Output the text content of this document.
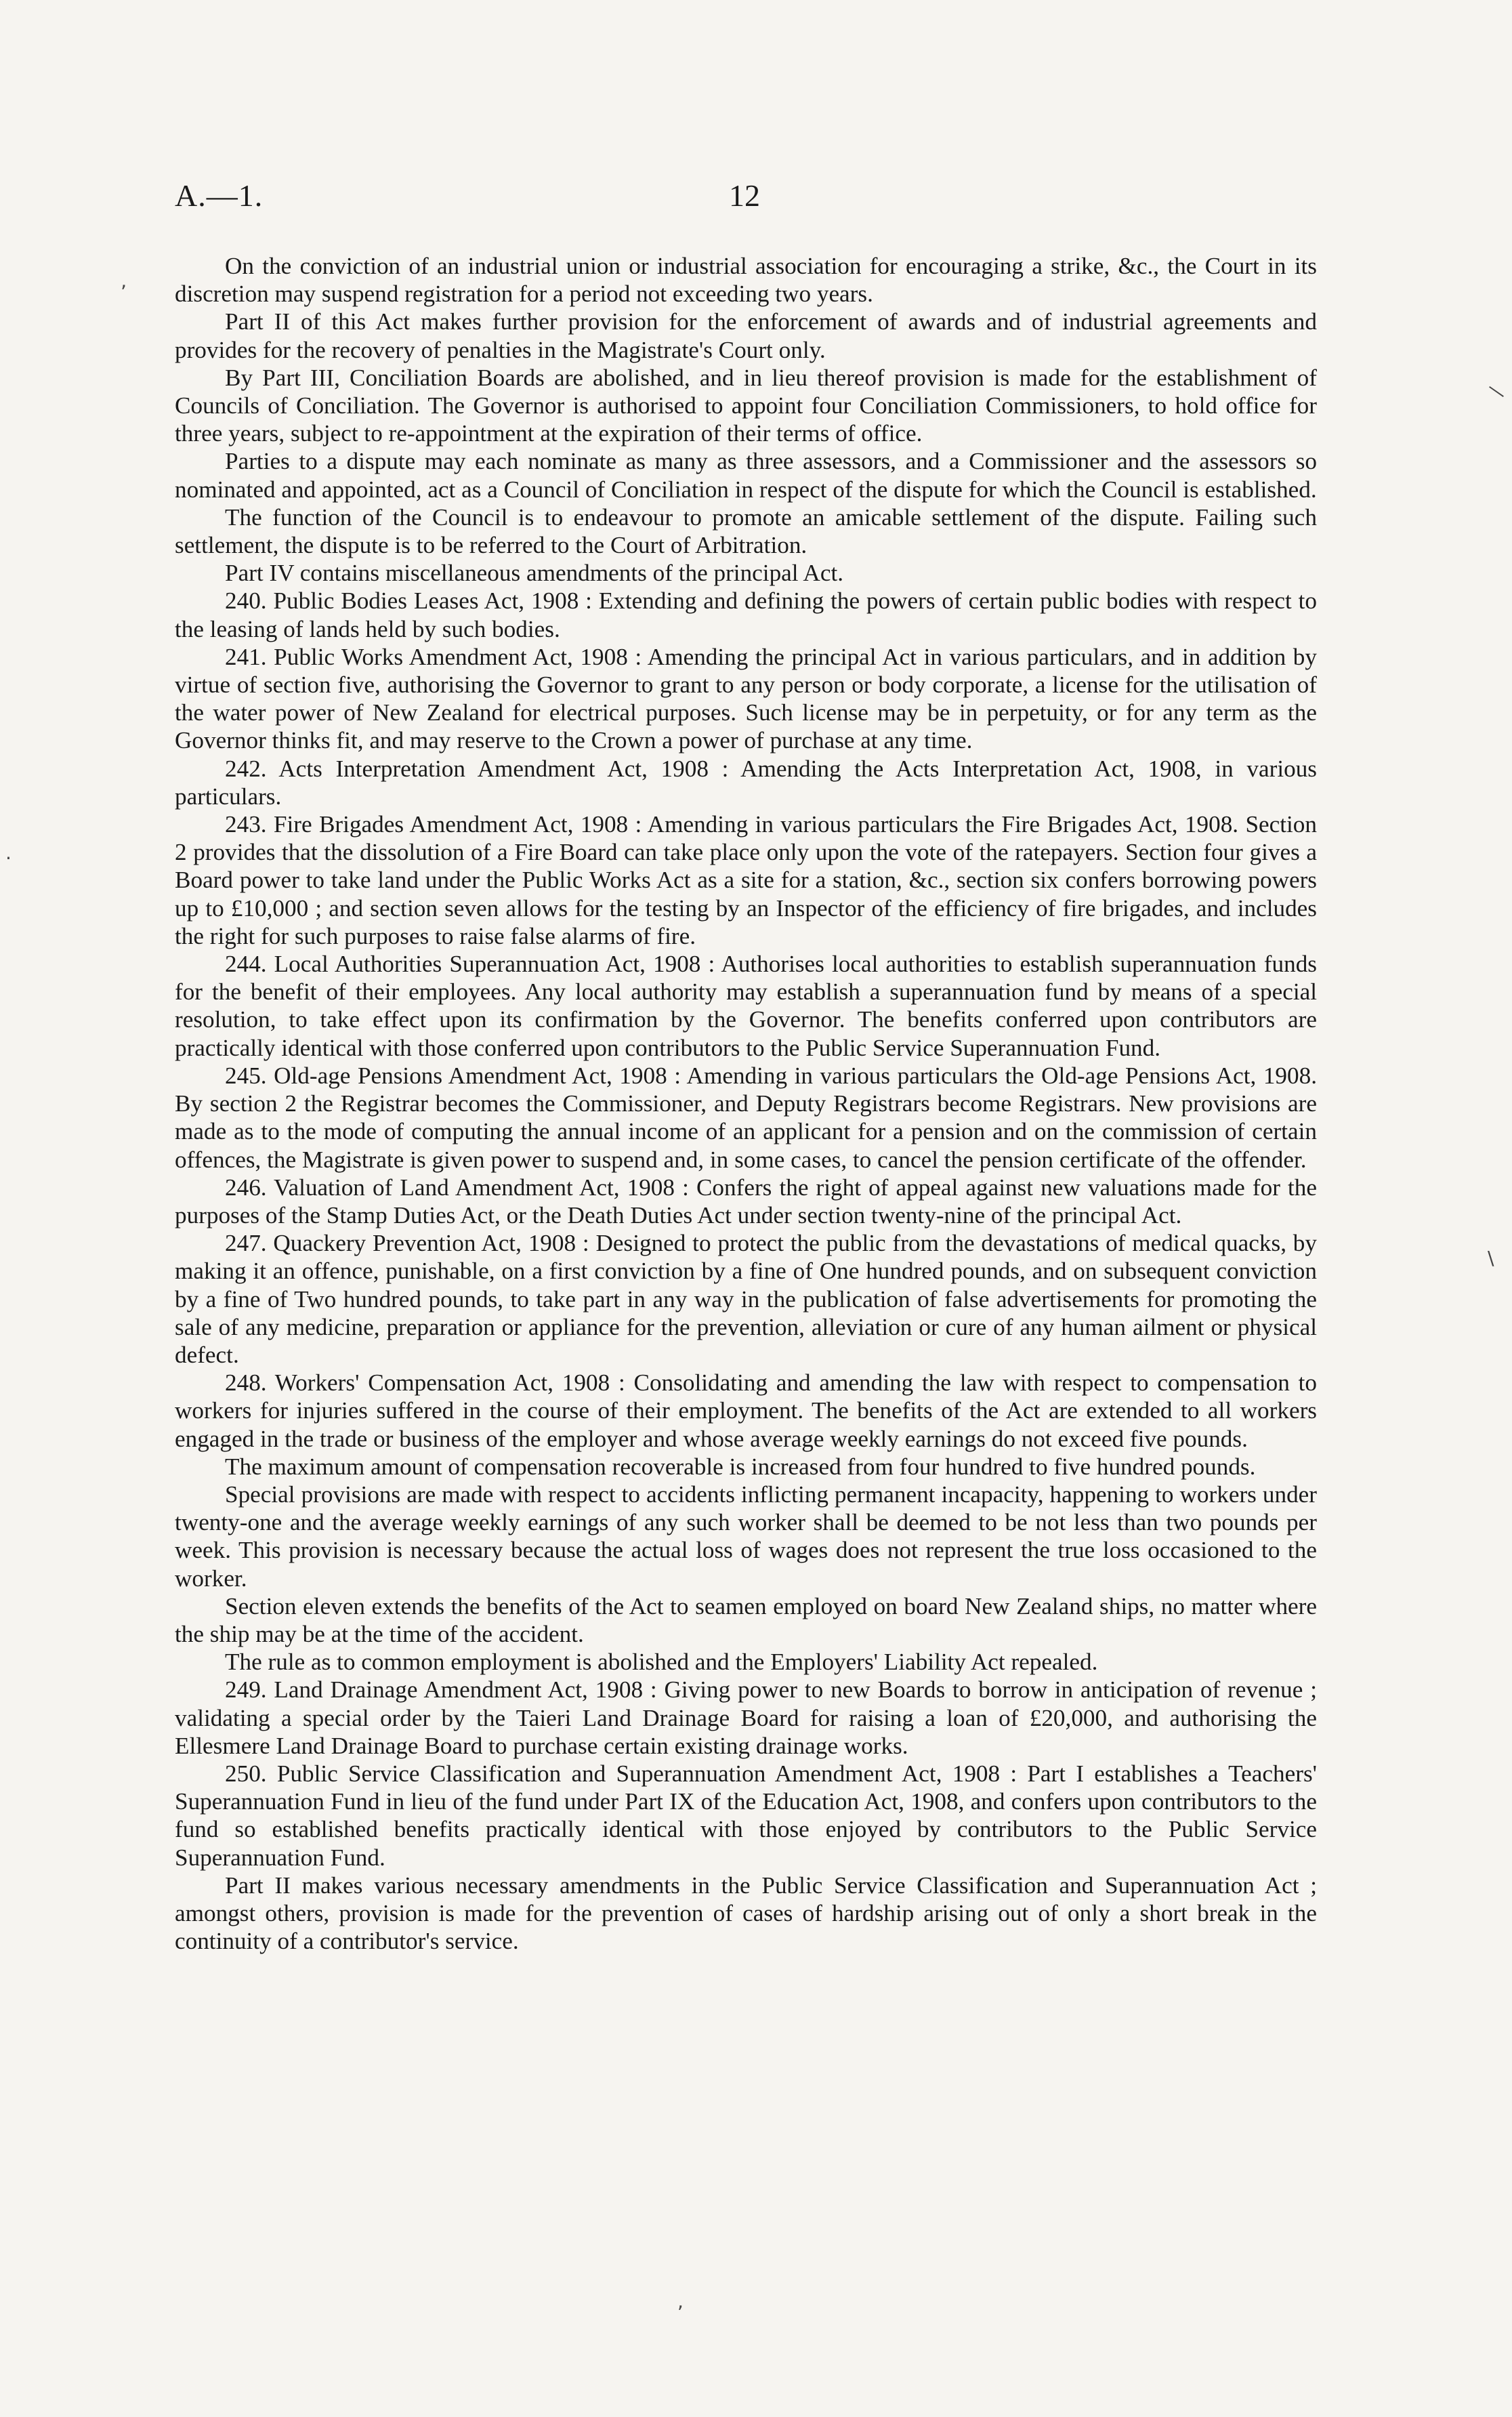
A.—1.	12

On the conviction of an industrial union or industrial association for encouraging a strike, &c., the Court in its discretion may suspend registration for a period not exceeding two years.

Part II of this Act makes further provision for the enforcement of awards and of industrial agreements and provides for the recovery of penalties in the Magistrate's Court only.

By Part III, Conciliation Boards are abolished, and in lieu thereof provision is made for the establishment of Councils of Conciliation. The Governor is authorised to appoint four Conciliation Commissioners, to hold office for three years, subject to re-appointment at the expiration of their terms of office.

Parties to a dispute may each nominate as many as three assessors, and a Commissioner and the assessors so nominated and appointed, act as a Council of Conciliation in respect of the dispute for which the Council is established.

The function of the Council is to endeavour to promote an amicable settlement of the dispute. Failing such settlement, the dispute is to be referred to the Court of Arbitration.

Part IV contains miscellaneous amendments of the principal Act.

240. Public Bodies Leases Act, 1908 : Extending and defining the powers of certain public bodies with respect to the leasing of lands held by such bodies.

241. Public Works Amendment Act, 1908 : Amending the principal Act in various particulars, and in addition by virtue of section five, authorising the Governor to grant to any person or body corporate, a license for the utilisation of the water power of New Zealand for electrical purposes. Such license may be in perpetuity, or for any term as the Governor thinks fit, and may reserve to the Crown a power of purchase at any time.

242. Acts Interpretation Amendment Act, 1908 : Amending the Acts Interpretation Act, 1908, in various particulars.

243. Fire Brigades Amendment Act, 1908 : Amending in various particulars the Fire Brigades Act, 1908. Section 2 provides that the dissolution of a Fire Board can take place only upon the vote of the ratepayers. Section four gives a Board power to take land under the Public Works Act as a site for a station, &c., section six confers borrowing powers up to £10,000 ; and section seven allows for the testing by an Inspector of the efficiency of fire brigades, and includes the right for such purposes to raise false alarms of fire.

244. Local Authorities Superannuation Act, 1908 : Authorises local authorities to establish superannuation funds for the benefit of their employees. Any local authority may establish a superannuation fund by means of a special resolution, to take effect upon its confirmation by the Governor. The benefits conferred upon contributors are practically identical with those conferred upon contributors to the Public Service Superannuation Fund.

245. Old-age Pensions Amendment Act, 1908 : Amending in various particulars the Old-age Pensions Act, 1908. By section 2 the Registrar becomes the Commissioner, and Deputy Registrars become Registrars. New provisions are made as to the mode of computing the annual income of an applicant for a pension and on the commission of certain offences, the Magistrate is given power to suspend and, in some cases, to cancel the pension certificate of the offender.

246. Valuation of Land Amendment Act, 1908 : Confers the right of appeal against new valuations made for the purposes of the Stamp Duties Act, or the Death Duties Act under section twenty-nine of the principal Act.

247. Quackery Prevention Act, 1908 : Designed to protect the public from the devastations of medical quacks, by making it an offence, punishable, on a first conviction by a fine of One hundred pounds, and on subsequent conviction by a fine of Two hundred pounds, to take part in any way in the publication of false advertisements for promoting the sale of any medicine, preparation or appliance for the prevention, alleviation or cure of any human ailment or physical defect.

248. Workers' Compensation Act, 1908 : Consolidating and amending the law with respect to compensation to workers for injuries suffered in the course of their employment. The benefits of the Act are extended to all workers engaged in the trade or business of the employer and whose average weekly earnings do not exceed five pounds.

The maximum amount of compensation recoverable is increased from four hundred to five hundred pounds.

Special provisions are made with respect to accidents inflicting permanent incapacity, happening to workers under twenty-one and the average weekly earnings of any such worker shall be deemed to be not less than two pounds per week. This provision is necessary because the actual loss of wages does not represent the true loss occasioned to the worker.

Section eleven extends the benefits of the Act to seamen employed on board New Zealand ships, no matter where the ship may be at the time of the accident.

The rule as to common employment is abolished and the Employers' Liability Act repealed.

249. Land Drainage Amendment Act, 1908 : Giving power to new Boards to borrow in anticipation of revenue ; validating a special order by the Taieri Land Drainage Board for raising a loan of £20,000, and authorising the Ellesmere Land Drainage Board to purchase certain existing drainage works.

250. Public Service Classification and Superannuation Amendment Act, 1908 : Part I establishes a Teachers' Superannuation Fund in lieu of the fund under Part IX of the Education Act, 1908, and confers upon contributors to the fund so established benefits practically identical with those enjoyed by contributors to the Public Service Superannuation Fund.

Part II makes various necessary amendments in the Public Service Classification and Superannuation Act ; amongst others, provision is made for the prevention of cases of hardship arising out of only a short break in the continuity of a contributor's service.

‚
—
\
·
,
